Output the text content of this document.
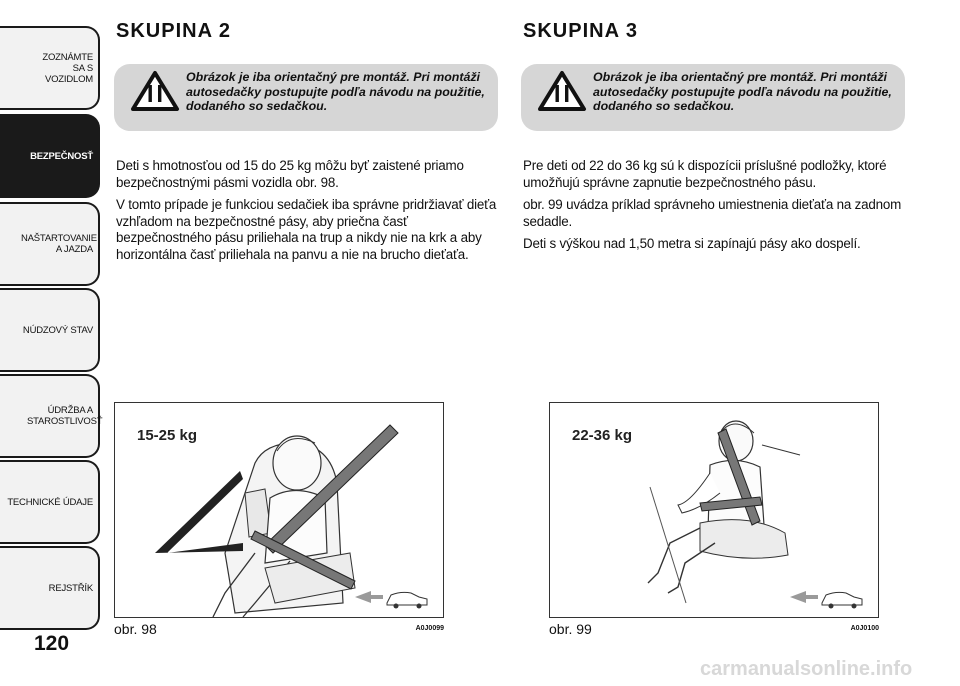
ZOZNÁMTE SA S VOZIDLOM
BEZPEČNOSŤ
NAŠTARTOVANIE A JAZDA
NÚDZOVÝ STAV
ÚDRŽBA A STAROSTLIVOSŤ
TECHNICKÉ ÚDAJE
REJSTŘÍK
120
SKUPINA 2
Obrázok je iba orientačný pre montáž. Pri montáži autosedačky postupujte podľa návodu na použitie, dodaného so sedačkou.

Deti s hmotnosťou od 15 do 25 kg môžu byť zaistené priamo bezpečnostnými pásmi vozidla obr. 98.

V tomto prípade je funkciou sedačiek iba správne pridržiavať dieťa vzhľadom na bezpečnostné pásy, aby priečna časť bezpečnostného pásu priliehala na trup a nikdy nie na krk a aby horizontálna časť priliehala na panvu a nie na brucho dieťaťa.

15-25 kg
obr. 98	A0J0099
SKUPINA 3
Obrázok je iba orientačný pre montáž. Pri montáži autosedačky postupujte podľa návodu na použitie, dodaného so sedačkou.

Pre deti od 22 do 36 kg sú k dispozícii príslušné podložky, ktoré umožňujú správne zapnutie bezpečnostného pásu.

obr. 99 uvádza príklad správneho umiestnenia dieťaťa na zadnom sedadle.

Deti s výškou nad 1,50 metra si zapínajú pásy ako dospelí.

22-36 kg
obr. 99	A0J0100
carmanualsonline.info
